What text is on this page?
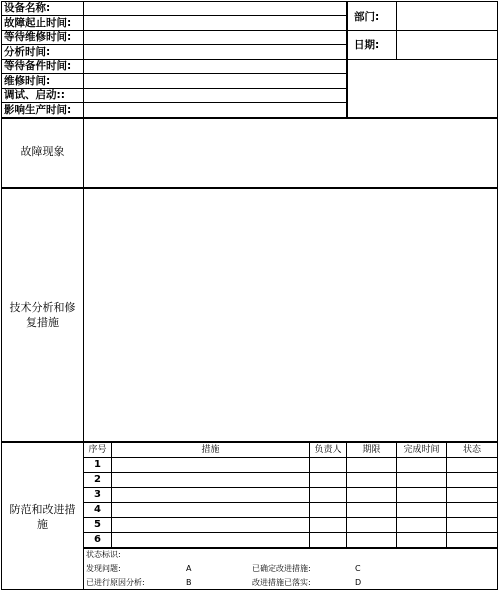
设备名称:
故障起止时间:
等待维修时间:
分析时间:
等待备件时间:
维修时间:
调试、启动::
影响生产时间:
部门:
日期:
故障现象
技术分析和修
复措施
防范和改进措
施
序号	措施	负责人	期限	完成时间	状态
1
2
3
4
5
6
状态标识:
发现问题:	A	已确定改进措施:	C
已进行原因分析:	B	改进措施已落实:	D
